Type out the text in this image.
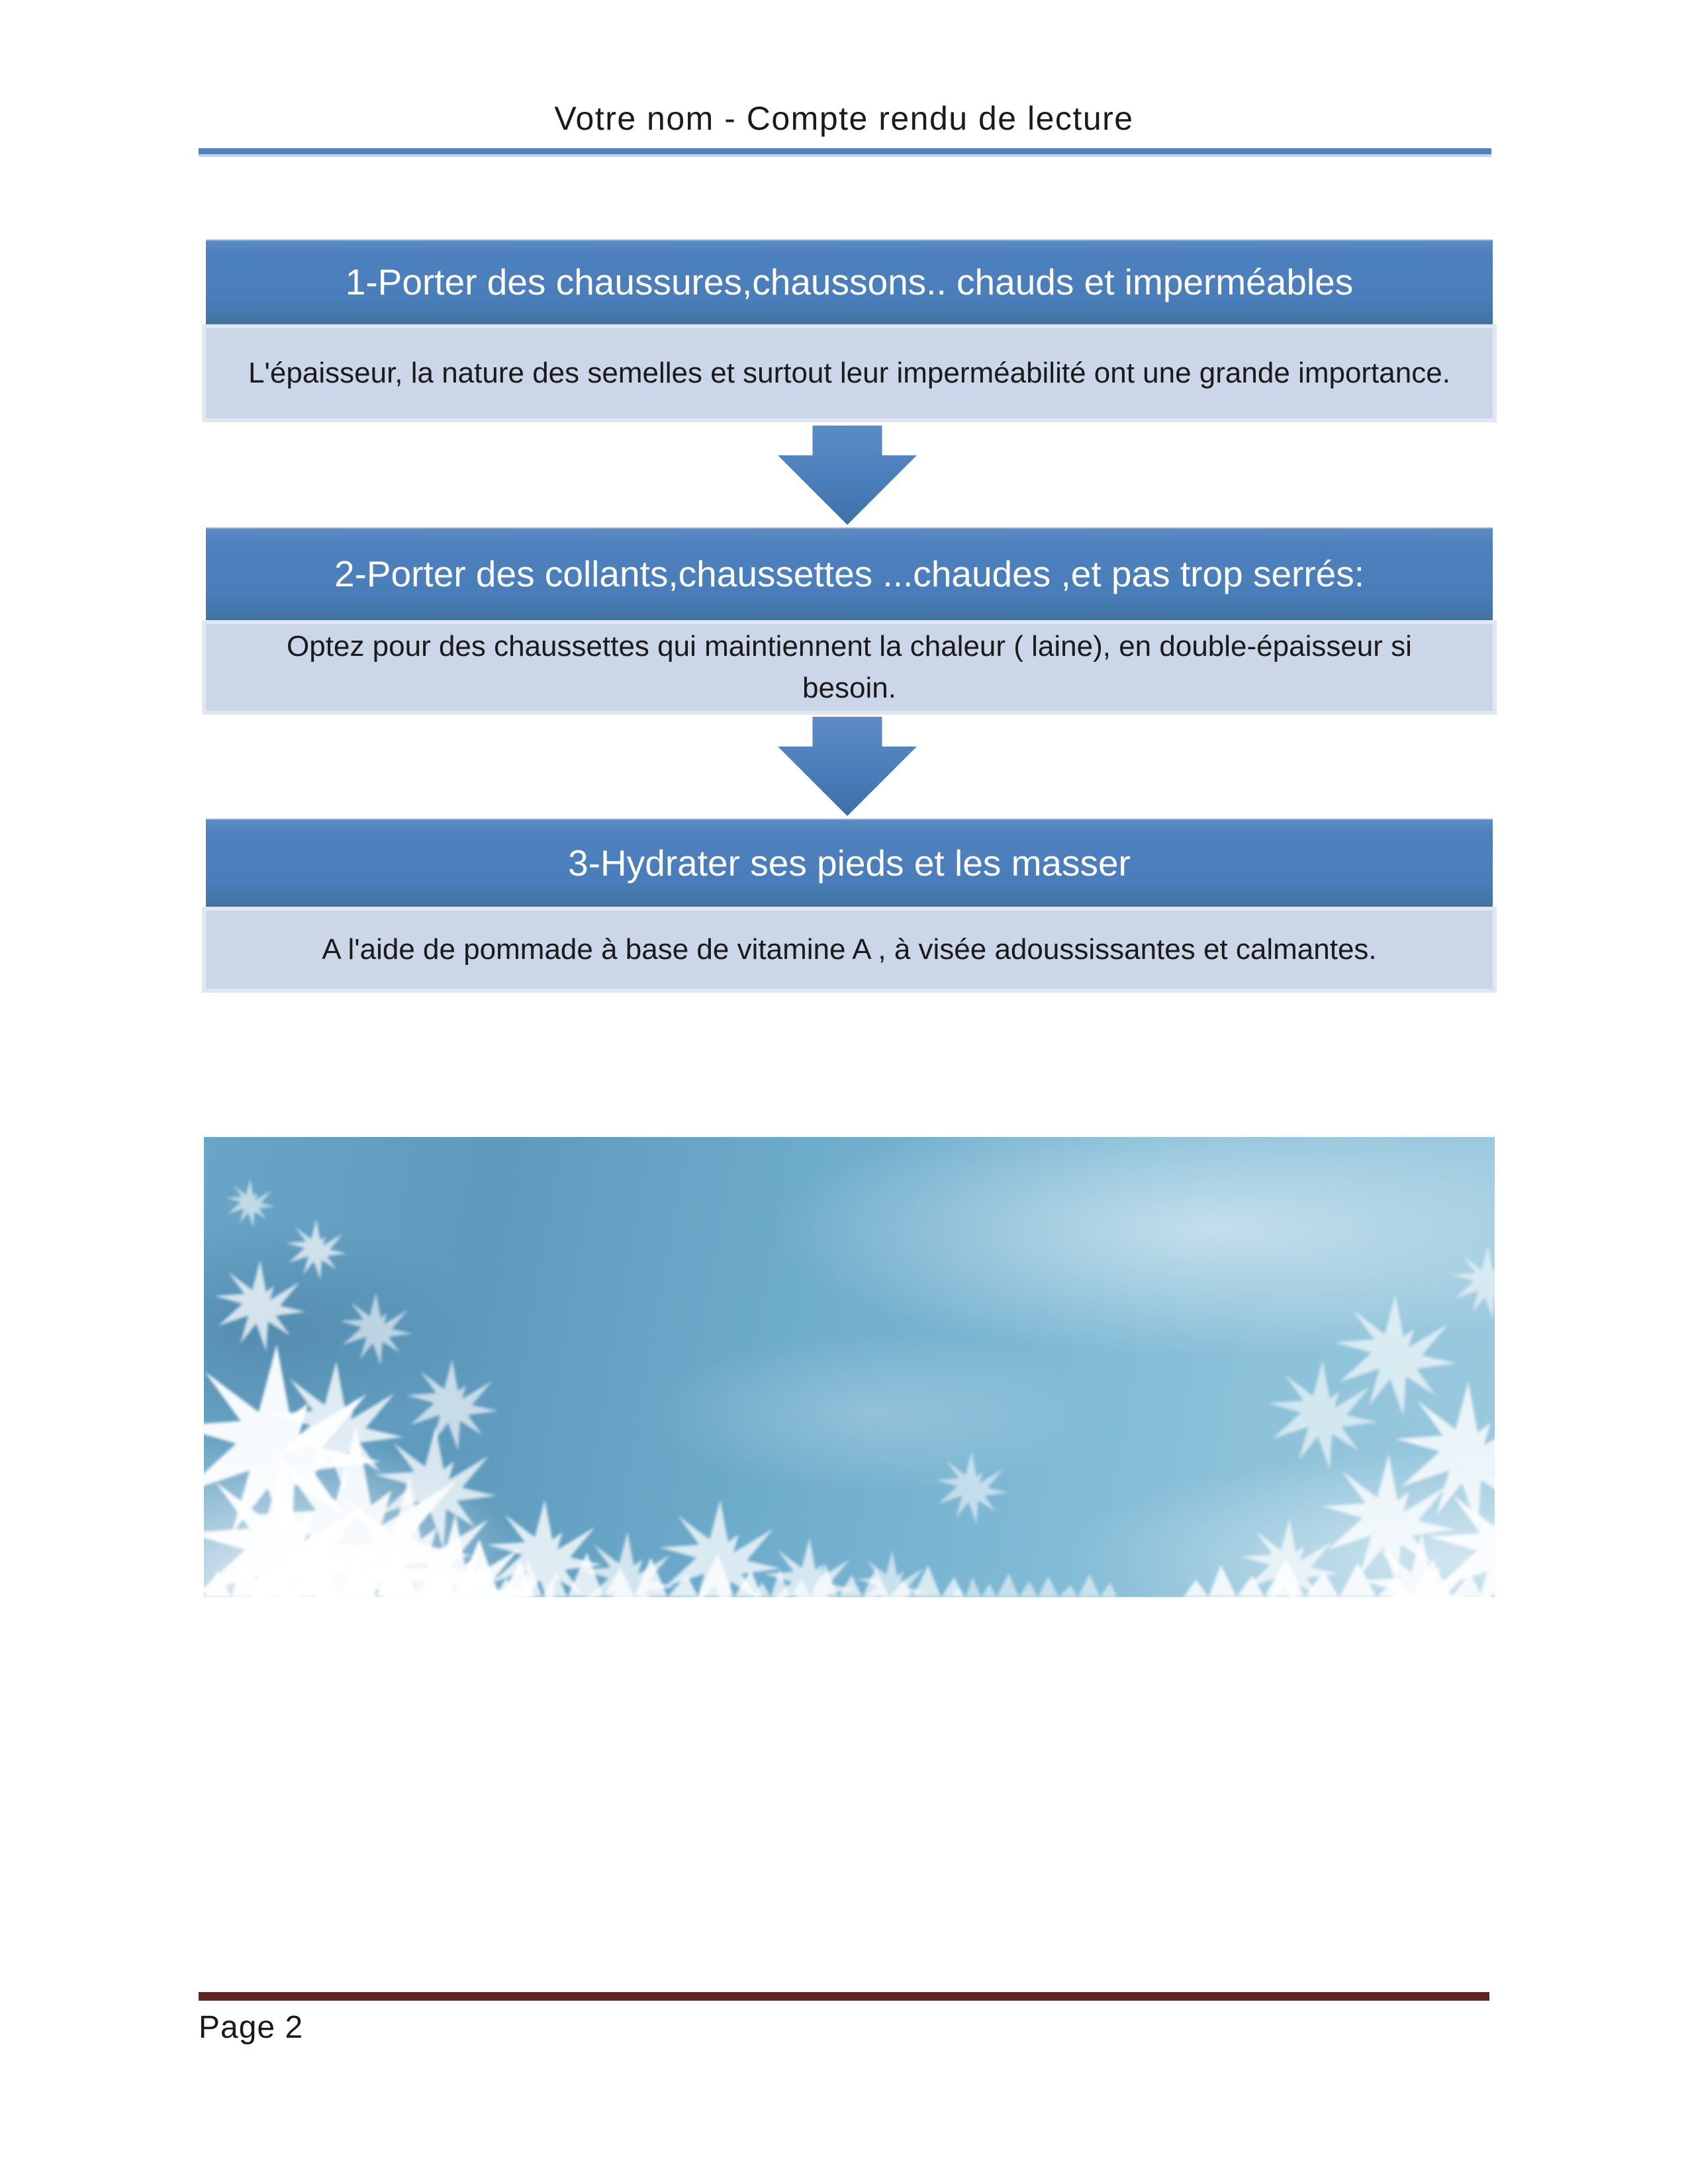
Votre nom - Compte rendu de lecture
1-Porter des chaussures,chaussons.. chauds et imperméables
L'épaisseur, la nature des semelles et surtout leur imperméabilité ont une grande importance.
2-Porter des collants,chaussettes ...chaudes ,et pas trop serrés:
Optez pour des chaussettes qui maintiennent la chaleur ( laine), en double-épaisseur si besoin.
3-Hydrater ses pieds et les masser
A l'aide de pommade à base de vitamine A , à visée adoussissantes et calmantes.
Page 2
